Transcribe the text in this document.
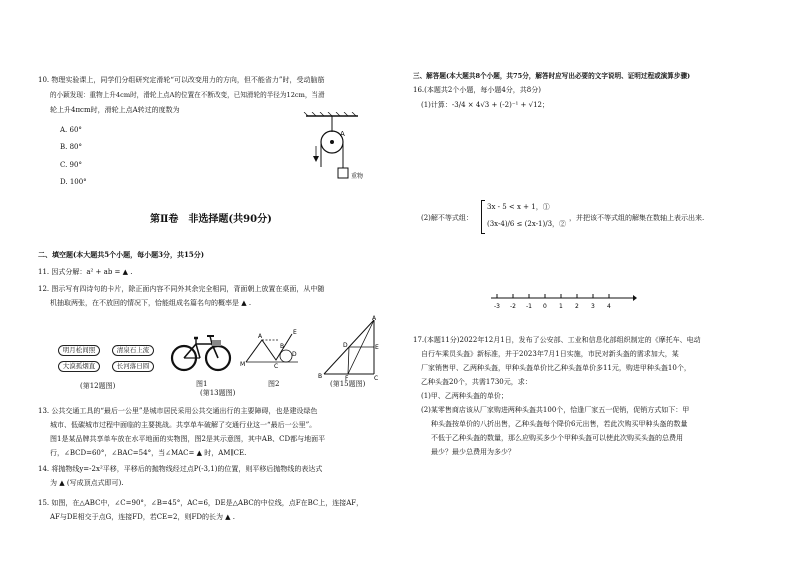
10. 物理实验课上，同学们分组研究定滑轮“可以改变用力的方向，但不能省力”时，受动脑筋
的小颖发现：重物上升4cm时，滑轮上点A的位置在不断改变，已知滑轮的半径为12cm，当滑
轮上升4πcm时，滑轮上点A转过的度数为
A. 60°
B. 80°
C. 90°
D. 100°
A
重物
第Ⅱ卷　非选择题(共90分)
二、填空题(本大题共5个小题，每小题3分，共15分)
11. 因式分解：a² + ab = ▲ .
12. 图示写有四诗句的卡片，除正面内容不同外其余完全相同，背面朝上放置在桌面，从中随
机抽取两张，在不放回的情况下，恰能组成名篇名句的概率是 ▲ .
明月松间照	清泉石上流
大漠孤烟直	长河落日圆
(第12题图)	图1
M
A
C
E
B
D
图2
(第13题图)
A
D	E
B	F	C
(第15题图)
13. 公共交通工具的“最后一公里”是城市居民采用公共交通出行的主要障碍，也是建设绿色
城市、低碳城市过程中面临的主要挑战。共享单车破解了交通行业这一“最后一公里”。
图1是某品牌共享单车放在水平地面的实物图，图2是其示意图，其中AB、CD都与地面平
行，∠BCD=60°，∠BAC=54°，当∠MAC= ▲ 时，AM∥CE.
14. 将抛物线y=-2x²平移，平移后的抛物线经过点P(-3,1)的位置，则平移后抛物线的表达式
为 ▲ (写成顶点式即可).
15. 如图，在△ABC中，∠C=90°，∠B=45°，AC=6，DE是△ABC的中位线，点F在BC上，连接AF，
AF与DE相交于点G，连接FD，若CE=2，则FD的长为 ▲ .
三、解答题(本大题共8个小题，共75分，解答时应写出必要的文字说明、证明过程或演算步骤)
16.(本题共2个小题，每小题4分，共8分)
(1)计算：-3/4 × 4√3 + (-2)⁻¹ + √12；
(2)解不等式组：
3x - 5 < x + 1，①
(3x-4)/6 ≤ (2x-1)/3，②
，并把该不等式组的解集在数轴上表示出来.
-3 -2 -1 0 1 2 3 4
17.(本题11分)2022年12月1日，发布了公安部、工业和信息化部组织制定的《摩托车、电动
自行车乘员头盔》新标准，并于2023年7月1日实施，市民对新头盔的需求加大，某
厂家销售甲、乙两种头盔，甲种头盔单价比乙种头盔单价多11元，购进甲种头盔10个，
乙种头盔20个，共需1730元，求：
(1)甲、乙两种头盔的单价；
(2)某零售商店该从厂家购进两种头盔共100个，恰逢厂家五一促销，促销方式如下：甲
种头盔按单价的八折出售，乙种头盔每个降价6元出售，若此次购买甲种头盔的数量
不低于乙种头盔的数量，那么应购买多少个甲种头盔可以使此次购买头盔的总费用
最少？最少总费用为多少？
